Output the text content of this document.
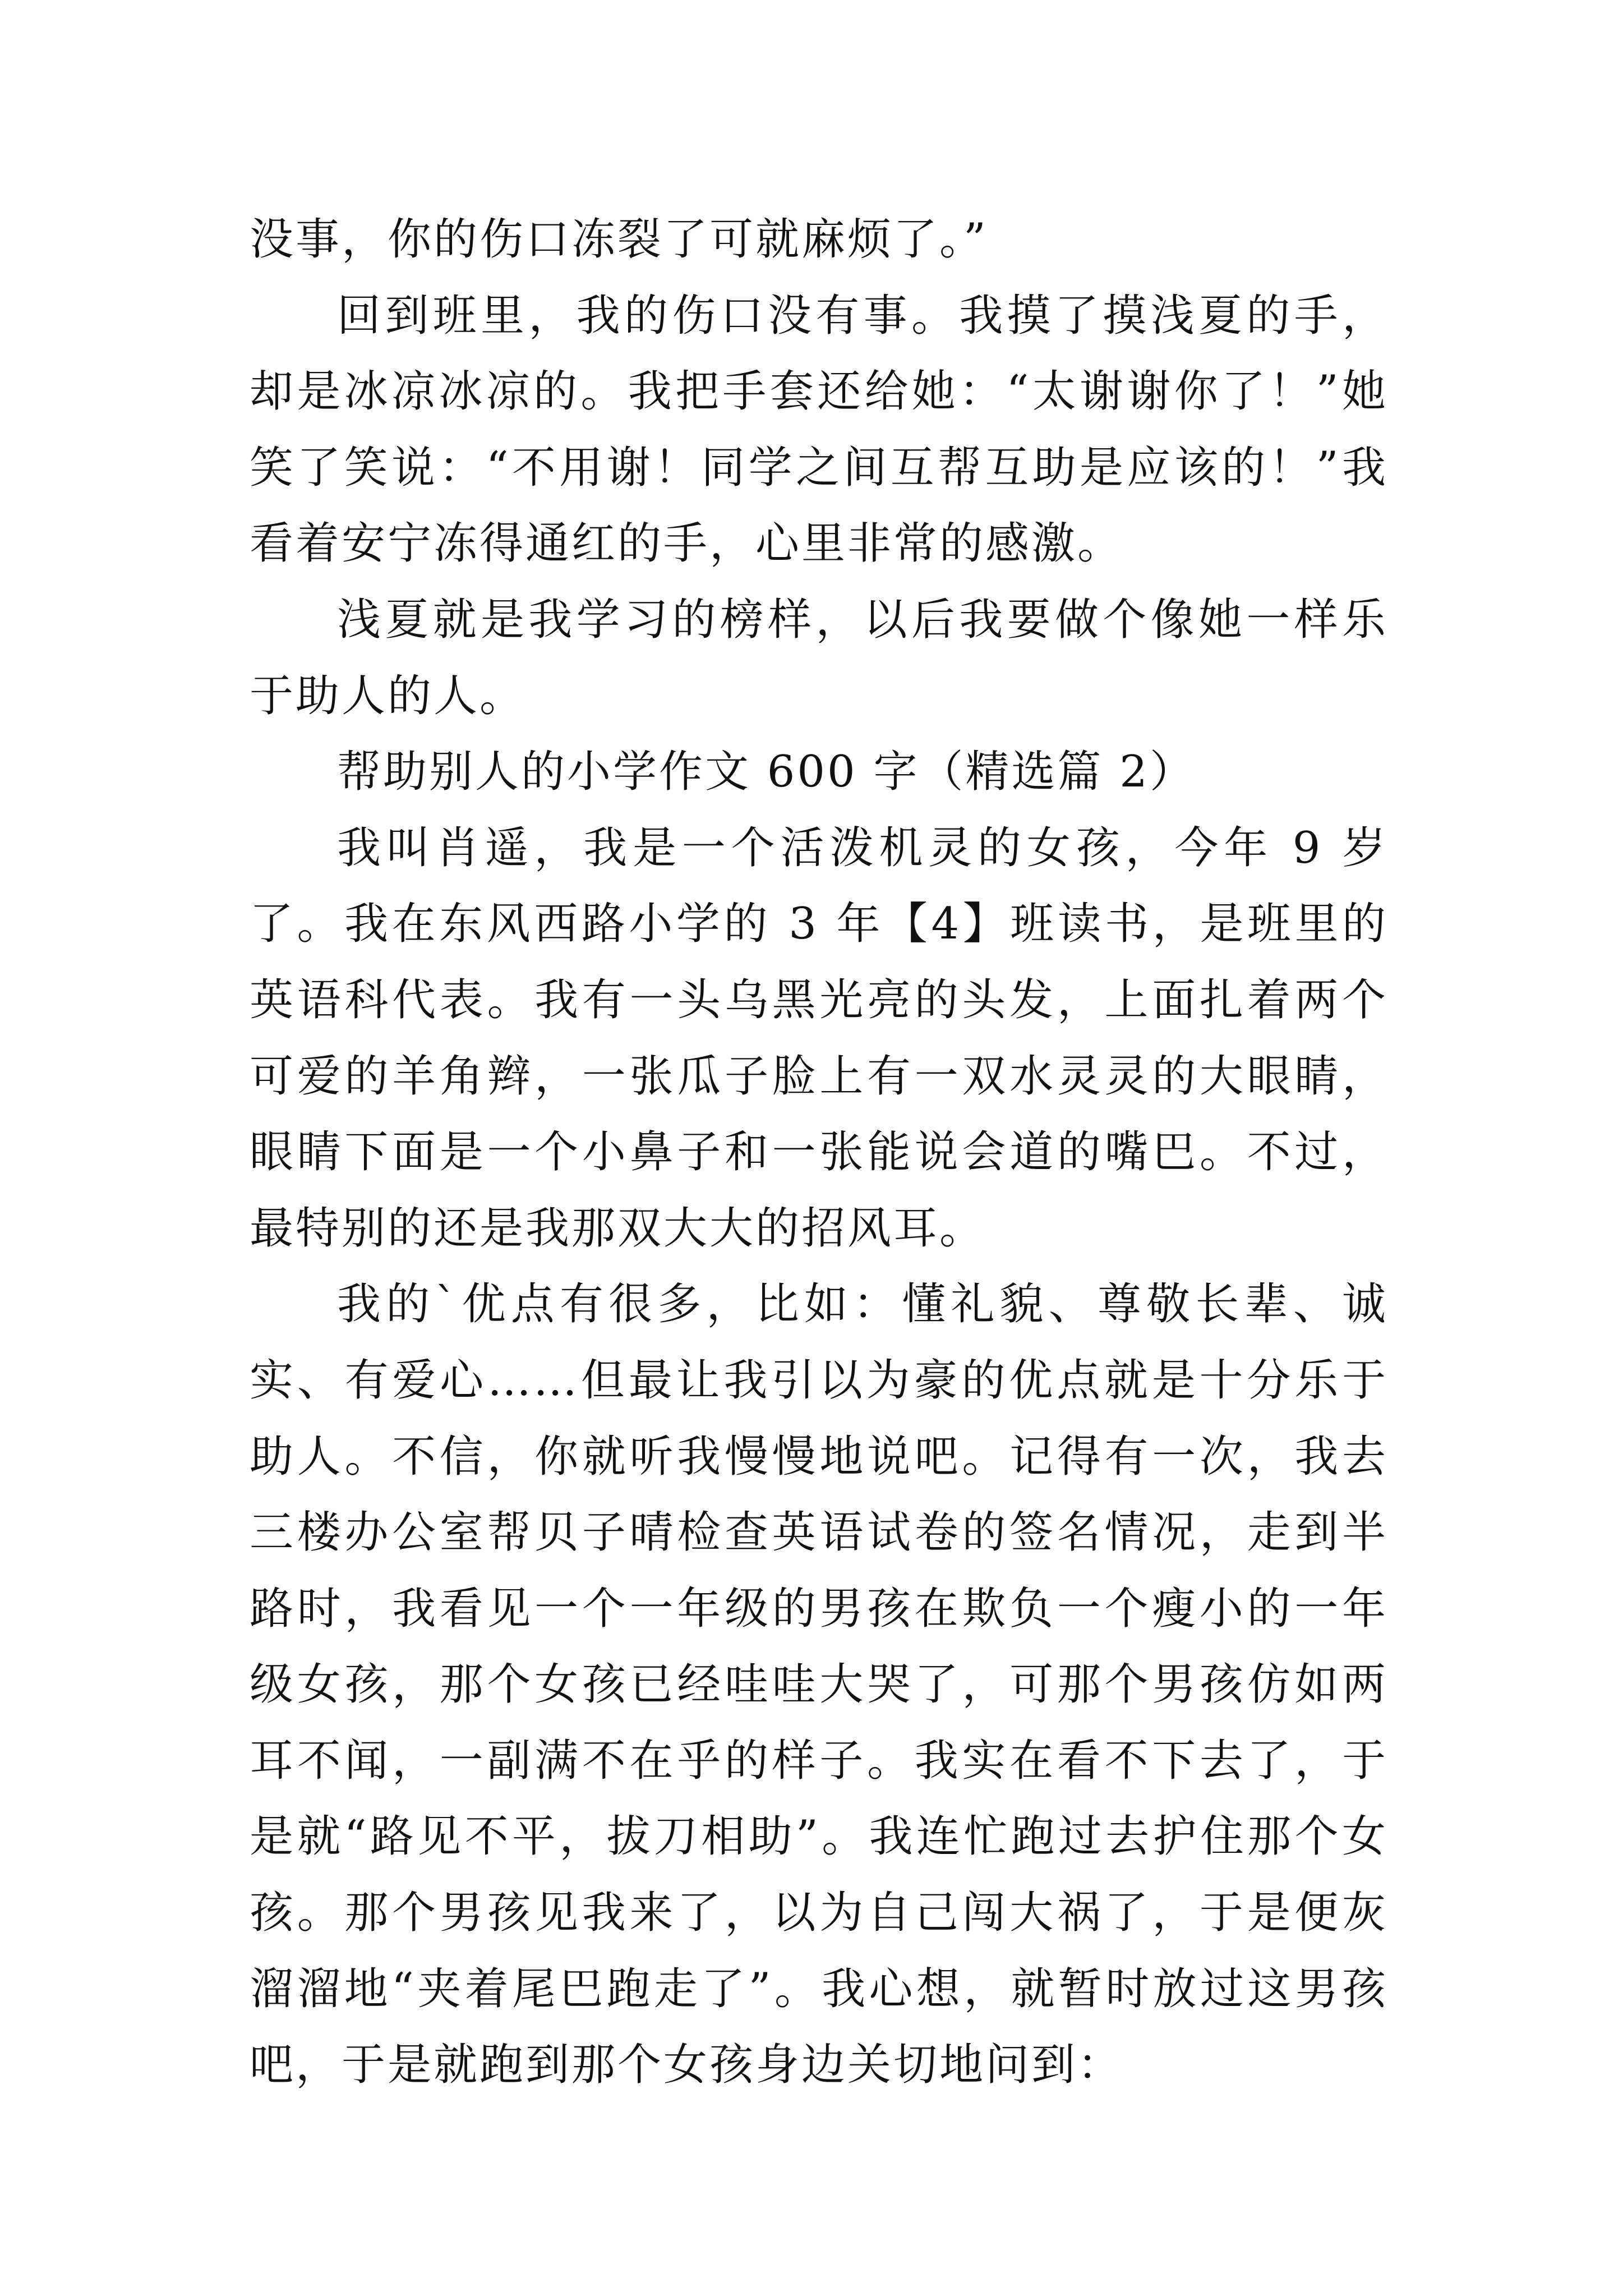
没事，你的伤口冻裂了可就麻烦了。”

回到班里，我的伤口没有事。我摸了摸浅夏的手，却是冰凉冰凉的。我把手套还给她：“太谢谢你了！”她笑了笑说：“不用谢！同学之间互帮互助是应该的！”我看着安宁冻得通红的手，心里非常的感激。

浅夏就是我学习的榜样，以后我要做个像她一样乐于助人的人。

帮助别人的小学作文 600 字（精选篇 2）

我叫肖遥，我是一个活泼机灵的女孩，今年 9 岁了。我在东风西路小学的 3 年【4】班读书，是班里的英语科代表。我有一头乌黑光亮的头发，上面扎着两个可爱的羊角辫，一张瓜子脸上有一双水灵灵的大眼睛，眼睛下面是一个小鼻子和一张能说会道的嘴巴。不过，最特别的还是我那双大大的招风耳。

我的`优点有很多，比如：懂礼貌、尊敬长辈、诚实、有爱心……但最让我引以为豪的优点就是十分乐于助人。不信，你就听我慢慢地说吧。记得有一次，我去三楼办公室帮贝子晴检查英语试卷的签名情况，走到半路时，我看见一个一年级的男孩在欺负一个瘦小的一年级女孩，那个女孩已经哇哇大哭了，可那个男孩仿如两耳不闻，一副满不在乎的样子。我实在看不下去了，于是就“路见不平，拔刀相助”。我连忙跑过去护住那个女孩。那个男孩见我来了，以为自己闯大祸了，于是便灰溜溜地“夹着尾巴跑走了”。我心想，就暂时放过这男孩吧，于是就跑到那个女孩身边关切地问到：
